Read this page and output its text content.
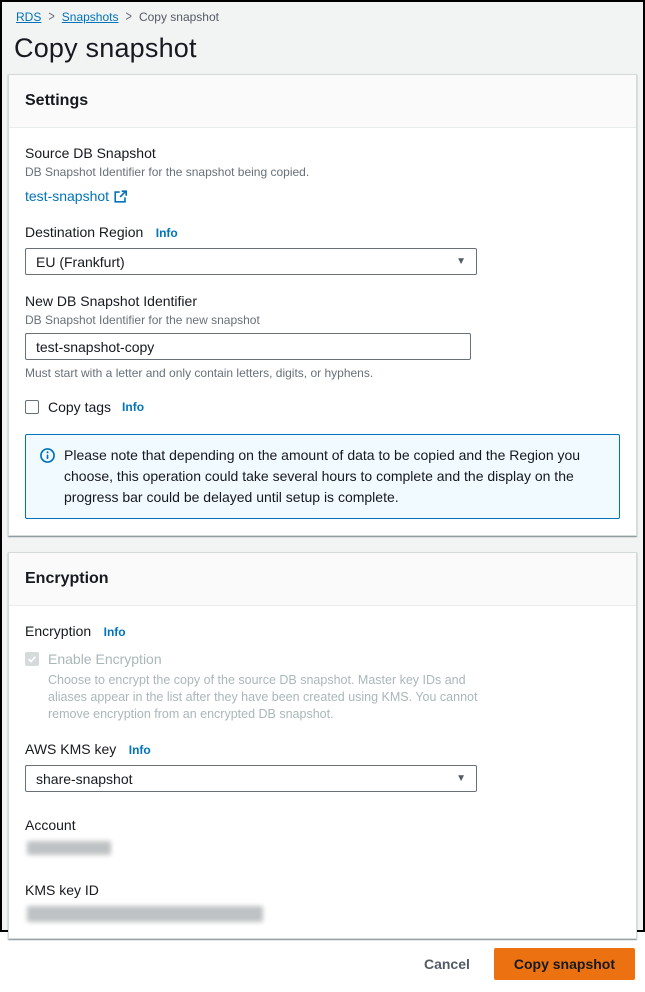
RDS > Snapshots > Copy snapshot
Copy snapshot
Settings
Source DB Snapshot
DB Snapshot Identifier for the snapshot being copied.
test-snapshot
Destination Region Info
EU (Frankfurt)	▼
New DB Snapshot Identifier
DB Snapshot Identifier for the new snapshot
test-snapshot-copy
Must start with a letter and only contain letters, digits, or hyphens.
Copy tags Info
Please note that depending on the amount of data to be copied and the Region you choose, this operation could take several hours to complete and the display on the progress bar could be delayed until setup is complete.
Encryption
Encryption Info
Enable Encryption
Choose to encrypt the copy of the source DB snapshot. Master key IDs and aliases appear in the list after they have been created using KMS. You cannot remove encryption from an encrypted DB snapshot.
AWS KMS key Info
share-snapshot	▼
Account
KMS key ID
Cancel	Copy snapshot
